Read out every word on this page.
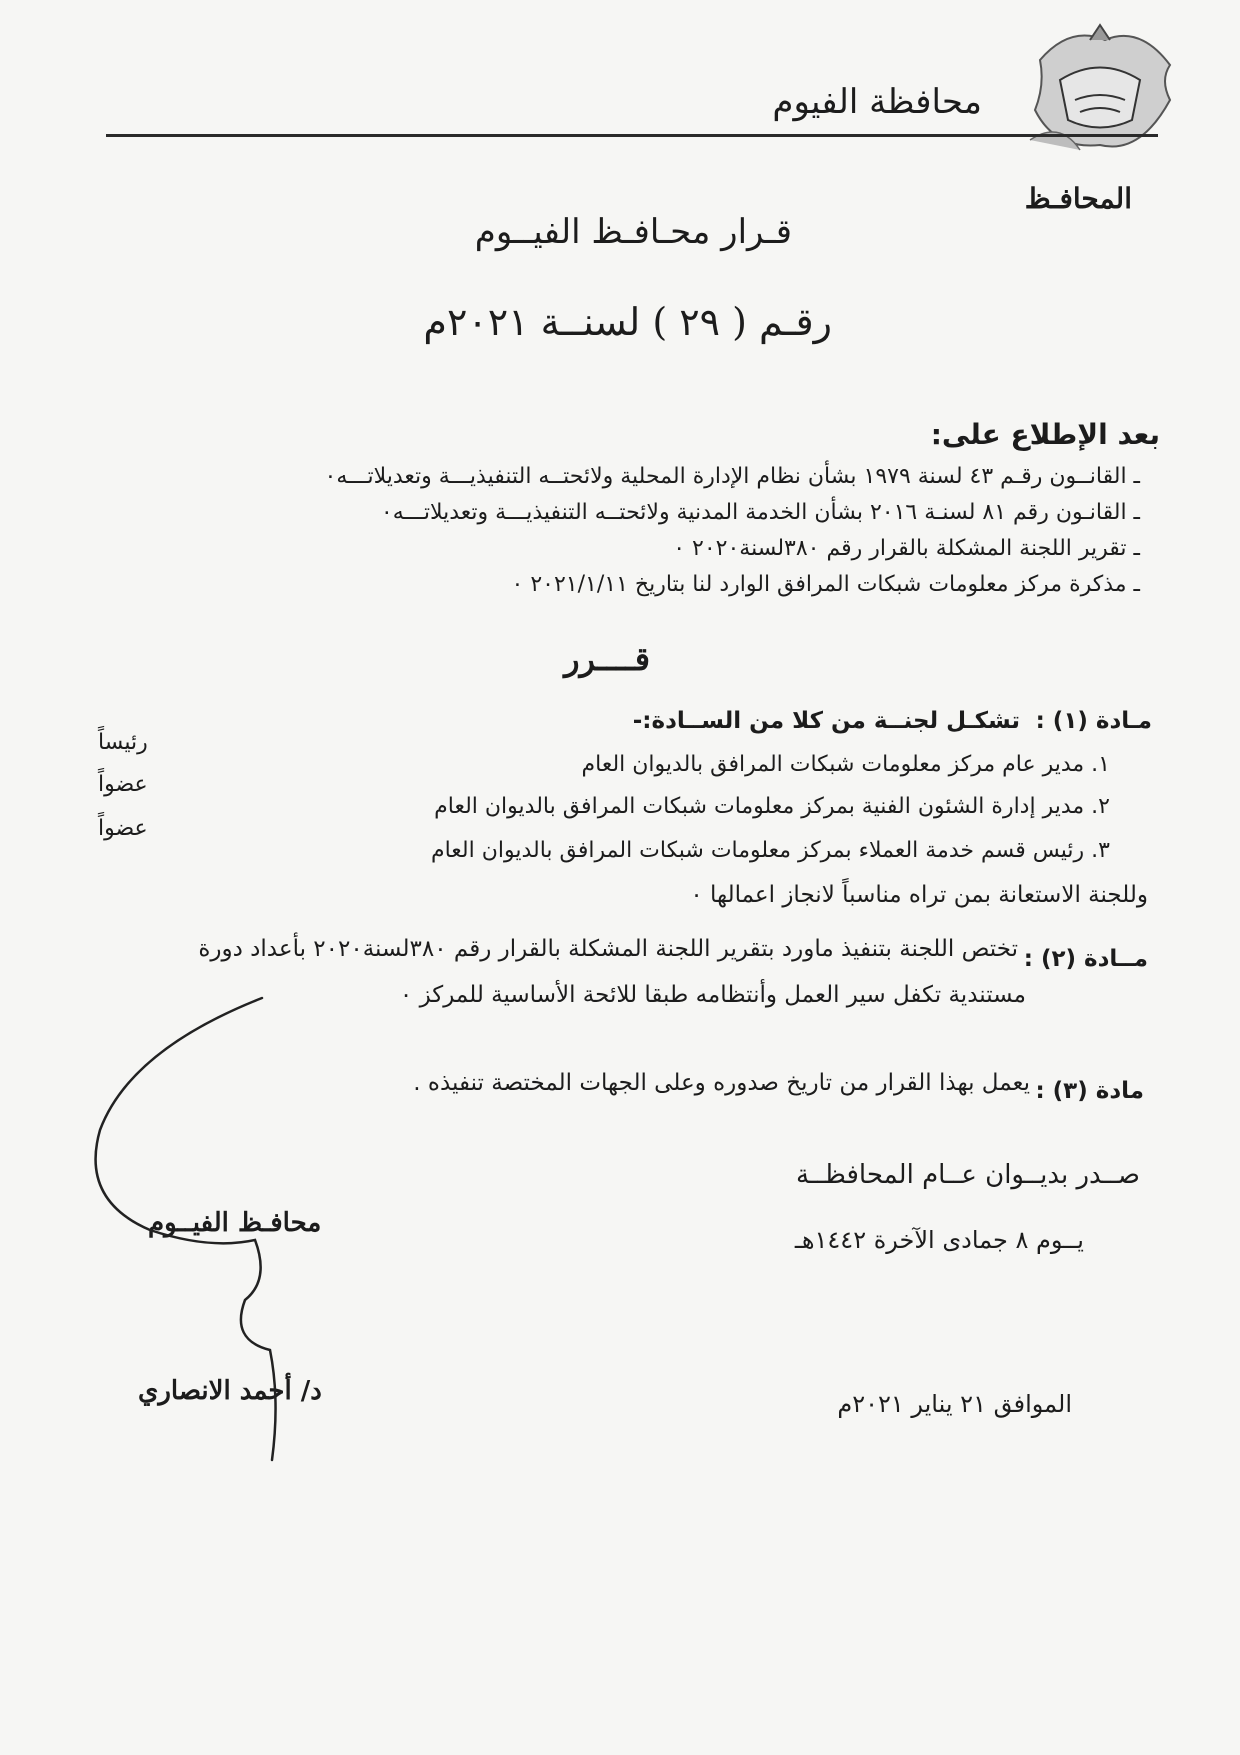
محافظة الفيوم
المحافـظ
قـرار محـافـظ الفيــوم
رقـم ( ٢٩ ) لسنــة ٢٠٢١م
بعد الإطلاع على:
ـ القانــون رقـم ٤٣ لسنة ١٩٧٩ بشأن نظام الإدارة المحلية ولائحتــه التنفيذيـــة وتعديلاتـــه٠
ـ القانـون رقم ٨١ لسنـة ٢٠١٦ بشأن الخدمة المدنية ولائحتــه التنفيذيـــة وتعديلاتـــه٠
ـ تقرير اللجنة المشكلة بالقرار رقم ٣٨٠لسنة٢٠٢٠ ٠
ـ مذكرة مركز معلومات شبكات المرافق الوارد لنا بتاريخ ٢٠٢١/١/١١ ٠
قــــرر
مـادة (١) :
تشكـل لجنــة من كلا من الســادة:-
١. مدير عام مركز معلومات شبكات المرافق بالديوان العام
رئيساً
٢. مدير إدارة الشئون الفنية بمركز معلومات شبكات المرافق بالديوان العام
عضواً
٣. رئيس قسم خدمة العملاء بمركز معلومات شبكات المرافق بالديوان العام
عضواً
وللجنة الاستعانة بمن تراه مناسباً لانجاز اعمالها ٠
مــادة (٢) :
تختص اللجنة بتنفيذ ماورد بتقرير اللجنة المشكلة بالقرار رقم ٣٨٠لسنة٢٠٢٠ بأعداد دورة
مستندية تكفل سير العمل وأنتظامه طبقا للائحة الأساسية للمركز ٠
مادة (٣) :
يعمل بهذا القرار من تاريخ صدوره وعلى الجهات المختصة تنفيذه .
صــدر بديــوان عــام المحافظــة
يــوم ٨ جمادى الآخرة ١٤٤٢هـ
الموافق ٢١ يناير ٢٠٢١م
محافـظ الفيــوم
د/ أحمد الانصاري
